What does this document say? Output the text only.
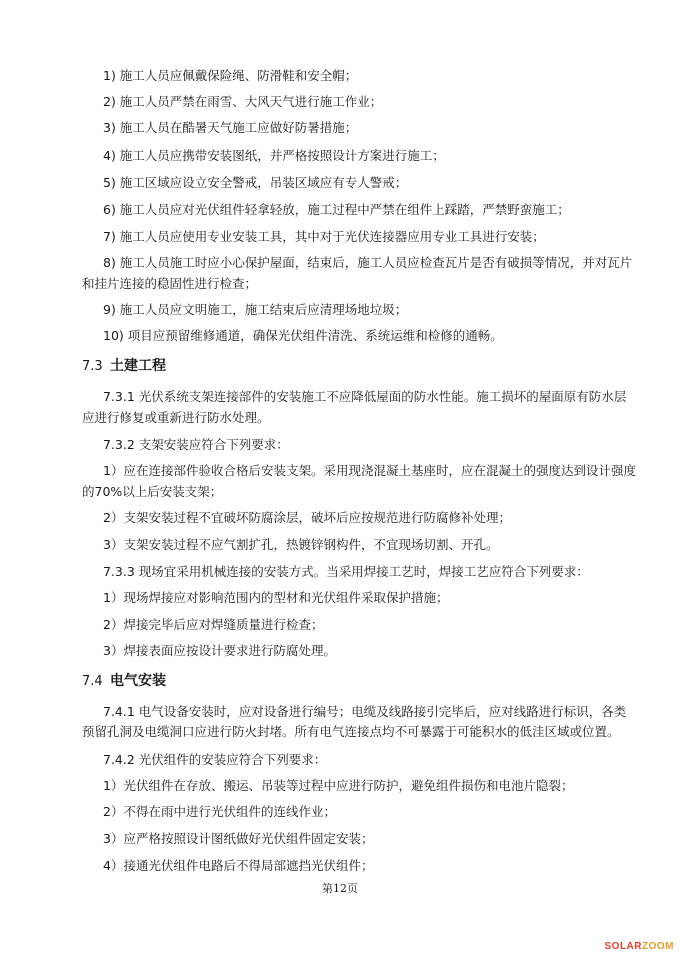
1) 施工人员应佩戴保险绳、防滑鞋和安全帽；
2) 施工人员严禁在雨雪、大风天气进行施工作业；
3) 施工人员在酷暑天气施工应做好防暑措施；
4) 施工人员应携带安装图纸，并严格按照设计方案进行施工；
5) 施工区域应设立安全警戒，吊装区域应有专人警戒；
6) 施工人员应对光伏组件轻拿轻放，施工过程中严禁在组件上踩踏，严禁野蛮施工；
7) 施工人员应使用专业安装工具，其中对于光伏连接器应用专业工具进行安装；
8) 施工人员施工时应小心保护屋面，结束后，施工人员应检查瓦片是否有破损等情况，并对瓦片
和挂片连接的稳固性进行检查；
9) 施工人员应文明施工，施工结束后应清理场地垃圾；
10) 项目应预留维修通道，确保光伏组件清洗、系统运维和检修的通畅。
7.3 土建工程
7.3.1 光伏系统支架连接部件的安装施工不应降低屋面的防水性能。施工损坏的屋面原有防水层
应进行修复或重新进行防水处理。
7.3.2 支架安装应符合下列要求：
1）应在连接部件验收合格后安装支架。采用现浇混凝土基座时，应在混凝土的强度达到设计强度
的70%以上后安装支架；
2）支架安装过程不宜破坏防腐涂层，破坏后应按规范进行防腐修补处理；
3）支架安装过程不应气割扩孔，热镀锌钢构件，不宜现场切割、开孔。
7.3.3 现场宜采用机械连接的安装方式。当采用焊接工艺时，焊接工艺应符合下列要求：
1）现场焊接应对影响范围内的型材和光伏组件采取保护措施；
2）焊接完毕后应对焊缝质量进行检查；
3）焊接表面应按设计要求进行防腐处理。
7.4 电气安装
7.4.1 电气设备安装时，应对设备进行编号；电缆及线路接引完毕后，应对线路进行标识，各类
预留孔洞及电缆洞口应进行防火封堵。所有电气连接点均不可暴露于可能积水的低洼区域或位置。
7.4.2 光伏组件的安装应符合下列要求：
1）光伏组件在存放、搬运、吊装等过程中应进行防护，避免组件损伤和电池片隐裂；
2）不得在雨中进行光伏组件的连线作业；
3）应严格按照设计图纸做好光伏组件固定安装；
4）接通光伏组件电路后不得局部遮挡光伏组件；
第12页
SOLARZOOM
